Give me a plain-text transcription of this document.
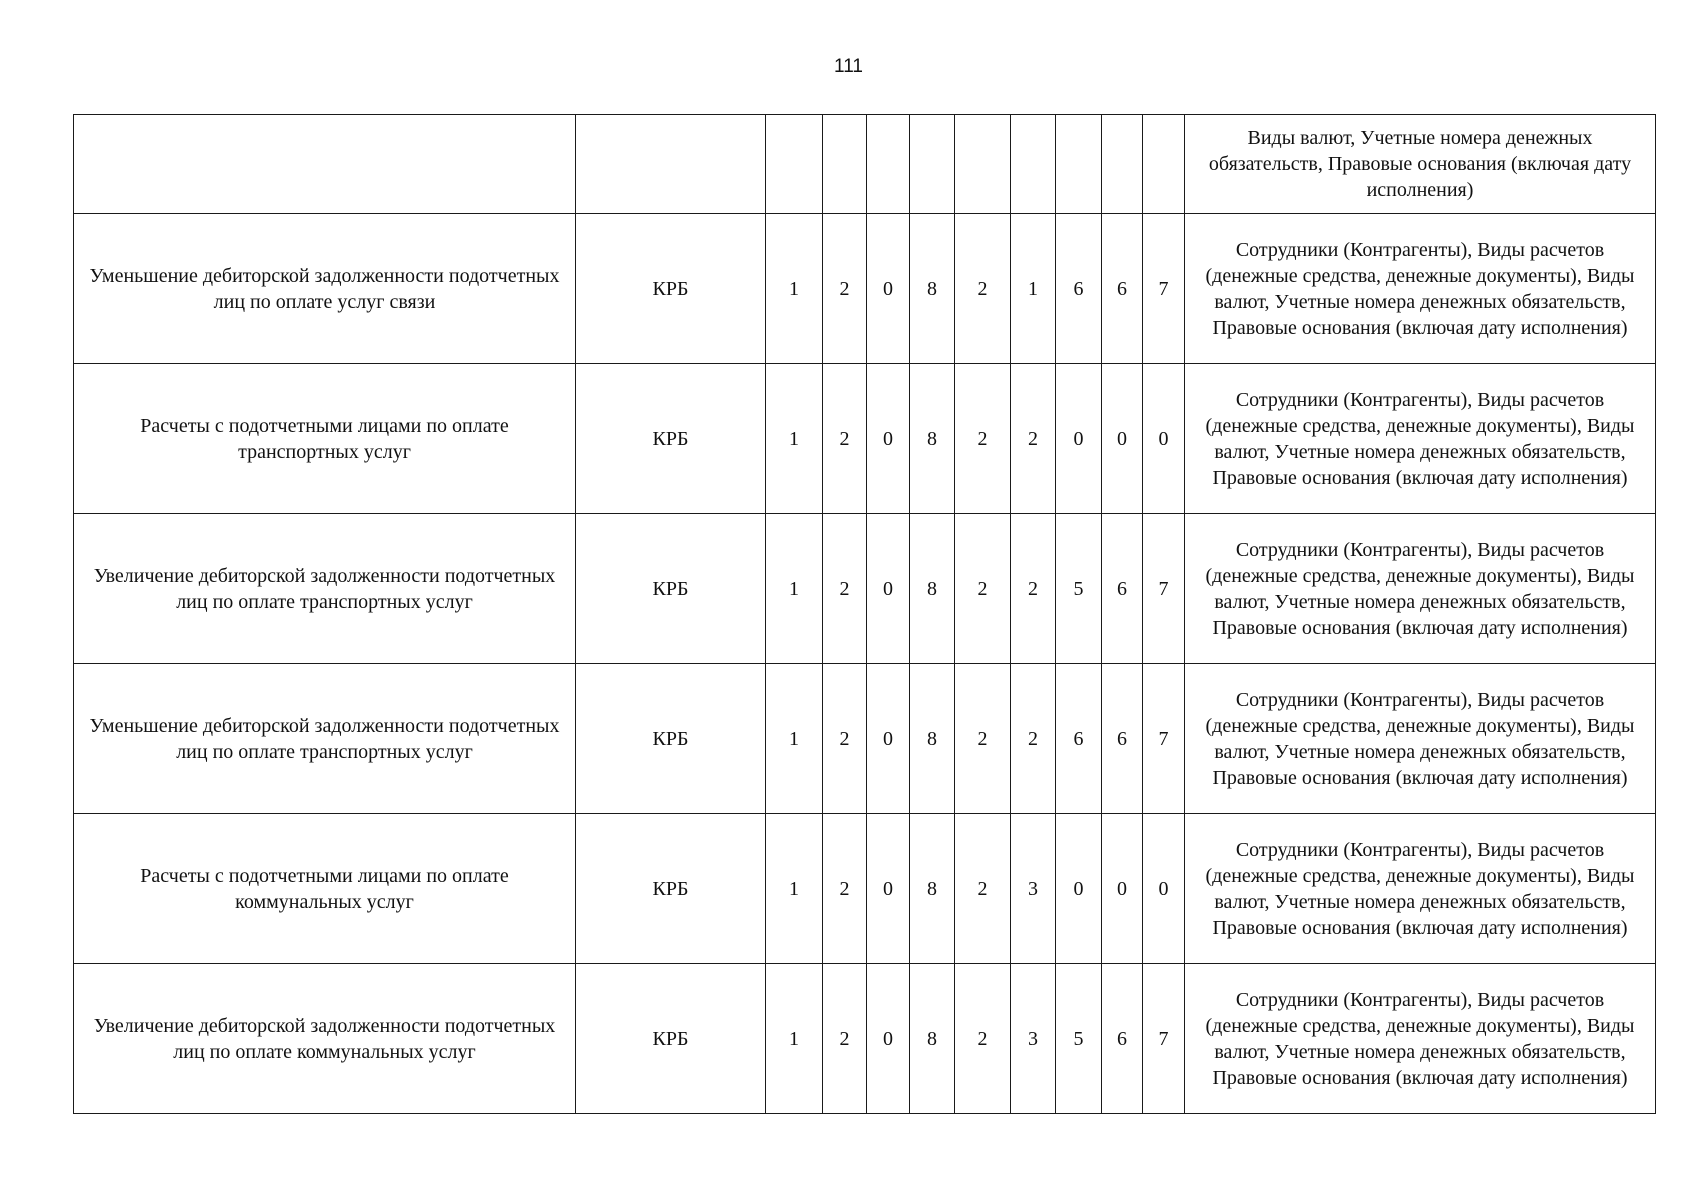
111
											Виды валют, Учетные номера денежных обязательств, Правовые основания (включая дату исполнения)
Уменьшение дебиторской задолженности подотчетных лиц по оплате услуг связи	КРБ	1	2	0	8	2	1	6	6	7	Сотрудники (Контрагенты), Виды расчетов (денежные средства, денежные документы), Виды валют, Учетные номера денежных обязательств, Правовые основания (включая дату исполнения)
Расчеты с подотчетными лицами по оплате транспортных услуг	КРБ	1	2	0	8	2	2	0	0	0	Сотрудники (Контрагенты), Виды расчетов (денежные средства, денежные документы), Виды валют, Учетные номера денежных обязательств, Правовые основания (включая дату исполнения)
Увеличение дебиторской задолженности подотчетных лиц по оплате транспортных услуг	КРБ	1	2	0	8	2	2	5	6	7	Сотрудники (Контрагенты), Виды расчетов (денежные средства, денежные документы), Виды валют, Учетные номера денежных обязательств, Правовые основания (включая дату исполнения)
Уменьшение дебиторской задолженности подотчетных лиц по оплате транспортных услуг	КРБ	1	2	0	8	2	2	6	6	7	Сотрудники (Контрагенты), Виды расчетов (денежные средства, денежные документы), Виды валют, Учетные номера денежных обязательств, Правовые основания (включая дату исполнения)
Расчеты с подотчетными лицами по оплате коммунальных услуг	КРБ	1	2	0	8	2	3	0	0	0	Сотрудники (Контрагенты), Виды расчетов (денежные средства, денежные документы), Виды валют, Учетные номера денежных обязательств, Правовые основания (включая дату исполнения)
Увеличение дебиторской задолженности подотчетных лиц по оплате коммунальных услуг	КРБ	1	2	0	8	2	3	5	6	7	Сотрудники (Контрагенты), Виды расчетов (денежные средства, денежные документы), Виды валют, Учетные номера денежных обязательств, Правовые основания (включая дату исполнения)
